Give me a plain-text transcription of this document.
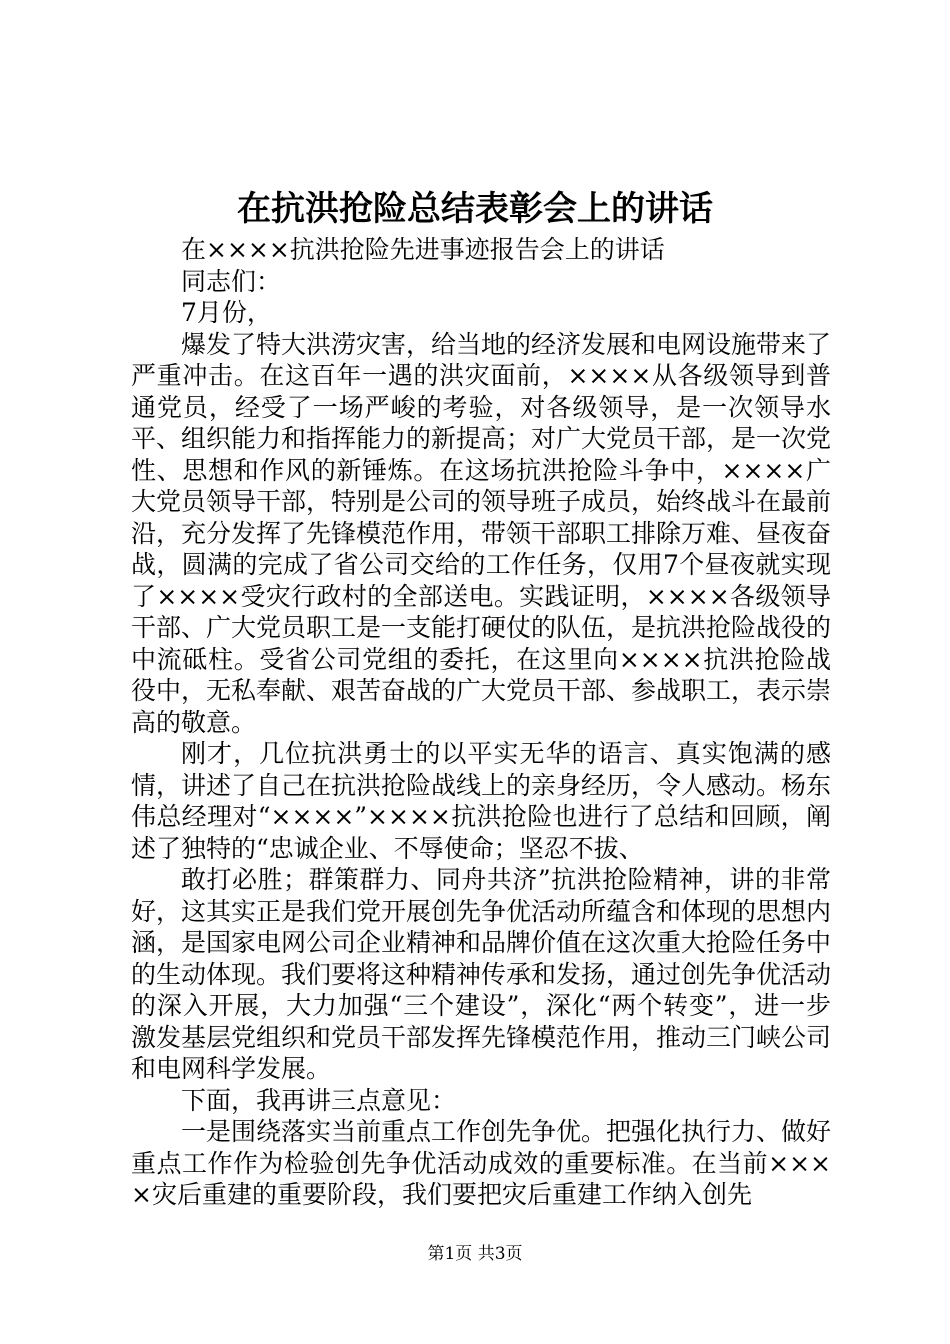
在抗洪抢险总结表彰会上的讲话

在××××抗洪抢险先进事迹报告会上的讲话

同志们：

7月份，

爆发了特大洪涝灾害，给当地的经济发展和电网设施带来了严重冲击。在这百年一遇的洪灾面前，××××从各级领导到普通党员，经受了一场严峻的考验，对各级领导，是一次领导水平、组织能力和指挥能力的新提高；对广大党员干部，是一次党性、思想和作风的新锤炼。在这场抗洪抢险斗争中，××××广大党员领导干部，特别是公司的领导班子成员，始终战斗在最前沿，充分发挥了先锋模范作用，带领干部职工排除万难、昼夜奋战，圆满的完成了省公司交给的工作任务，仅用7个昼夜就实现了××××受灾行政村的全部送电。实践证明，××××各级领导干部、广大党员职工是一支能打硬仗的队伍，是抗洪抢险战役的中流砥柱。受省公司党组的委托，在这里向××××抗洪抢险战役中，无私奉献、艰苦奋战的广大党员干部、参战职工，表示崇高的敬意。

刚才，几位抗洪勇士的以平实无华的语言、真实饱满的感情，讲述了自己在抗洪抢险战线上的亲身经历，令人感动。杨东伟总经理对“××××”××××抗洪抢险也进行了总结和回顾，阐述了独特的“忠诚企业、不辱使命；坚忍不拔、

敢打必胜；群策群力、同舟共济”抗洪抢险精神，讲的非常好，这其实正是我们党开展创先争优活动所蕴含和体现的思想内涵，是国家电网公司企业精神和品牌价值在这次重大抢险任务中的生动体现。我们要将这种精神传承和发扬，通过创先争优活动的深入开展，大力加强“三个建设”，深化“两个转变”，进一步激发基层党组织和党员干部发挥先锋模范作用，推动三门峡公司和电网科学发展。

下面，我再讲三点意见：

一是围绕落实当前重点工作创先争优。把强化执行力、做好重点工作作为检验创先争优活动成效的重要标准。在当前××××灾后重建的重要阶段，我们要把灾后重建工作纳入创先

第1页 共3页
